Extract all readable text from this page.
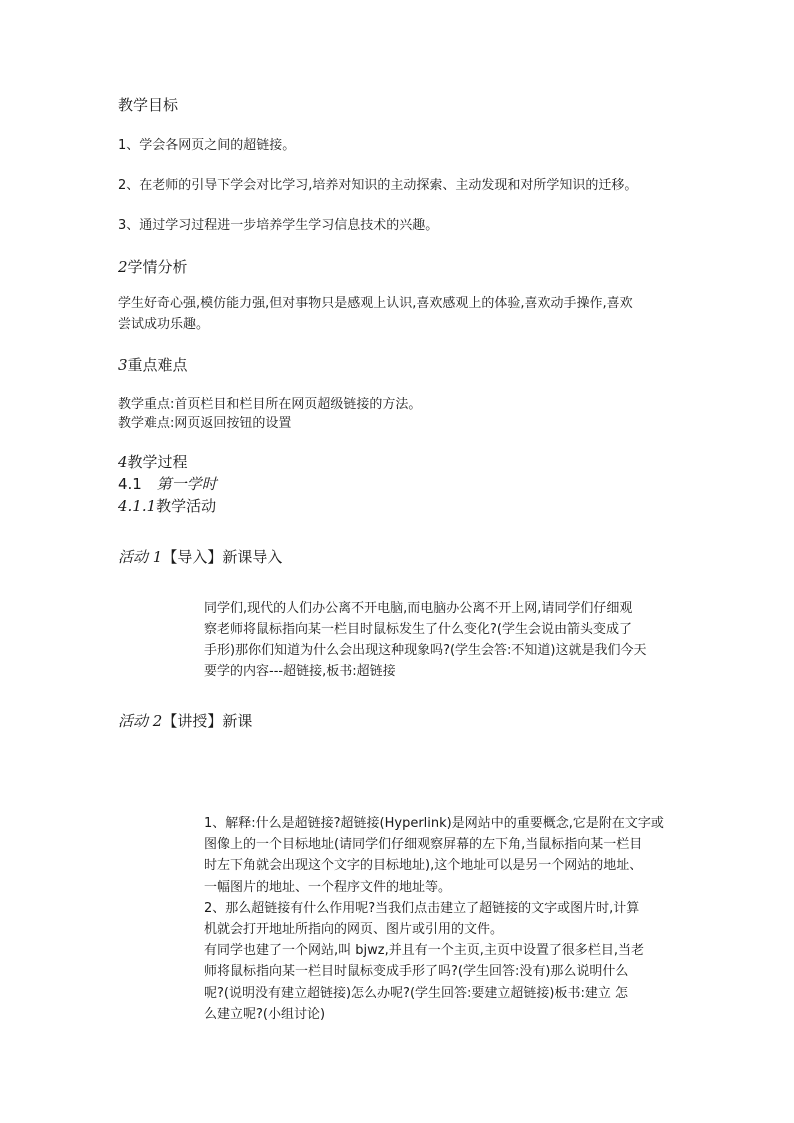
教学目标
1、学会各网页之间的超链接。
2、在老师的引导下学会对比学习,培养对知识的主动探索、主动发现和对所学知识的迁移。
3、通过学习过程进一步培养学生学习信息技术的兴趣。
2学情分析
学生好奇心强,模仿能力强,但对事物只是感观上认识,喜欢感观上的体验,喜欢动手操作,喜欢
尝试成功乐趣。
3重点难点
教学重点:首页栏目和栏目所在网页超级链接的方法。
教学难点:网页返回按钮的设置
4教学过程
4.1 第一学时
4.1.1教学活动
活动 1【导入】新课导入
同学们,现代的人们办公离不开电脑,而电脑办公离不开上网,请同学们仔细观
察老师将鼠标指向某一栏目时鼠标发生了什么变化?(学生会说由箭头变成了
手形)那你们知道为什么会出现这种现象吗?(学生会答:不知道)这就是我们今天
要学的内容---超链接,板书:超链接
活动 2【讲授】新课
1、解释:什么是超链接?超链接(Hyperlink)是网站中的重要概念,它是附在文字或
图像上的一个目标地址(请同学们仔细观察屏幕的左下角,当鼠标指向某一栏目
时左下角就会出现这个文字的目标地址),这个地址可以是另一个网站的地址、
一幅图片的地址、一个程序文件的地址等。
2、那么超链接有什么作用呢?当我们点击建立了超链接的文字或图片时,计算
机就会打开地址所指向的网页、图片或引用的文件。
有同学也建了一个网站,叫 bjwz,并且有一个主页,主页中设置了很多栏目,当老
师将鼠标指向某一栏目时鼠标变成手形了吗?(学生回答:没有)那么说明什么
呢?(说明没有建立超链接)怎么办呢?(学生回答:要建立超链接)板书:建立 怎
么建立呢?(小组讨论)
